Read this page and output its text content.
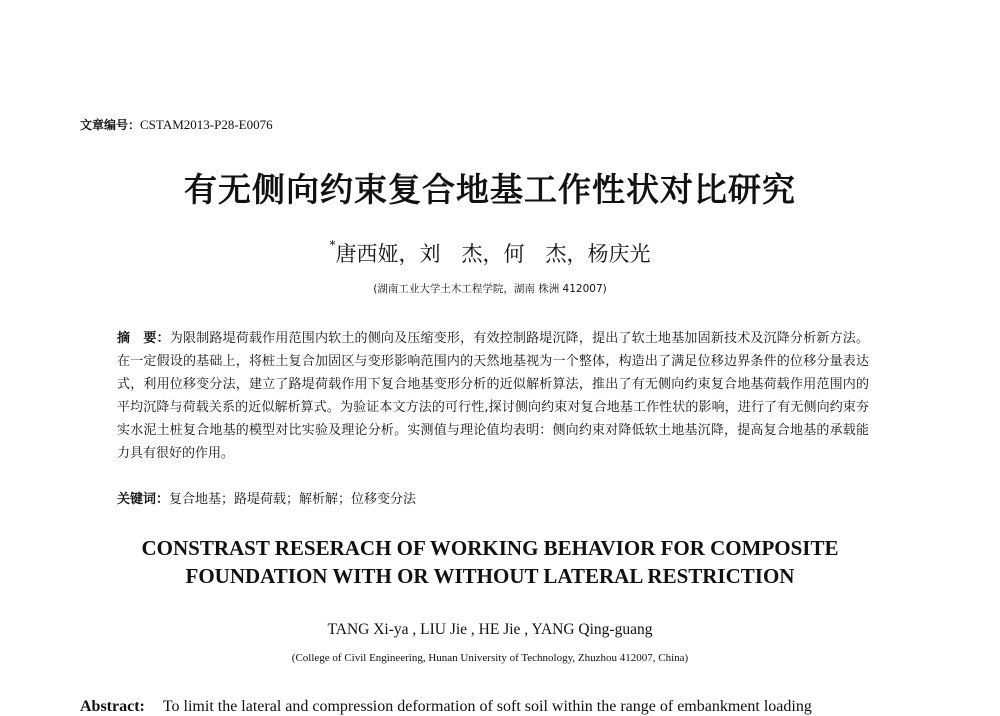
文章编号：CSTAM2013-P28-E0076
有无侧向约束复合地基工作性状对比研究
*唐西娅，刘　杰，何　杰，杨庆光
(湖南工业大学土木工程学院，湖南 株洲 412007)
摘　要：为限制路堤荷载作用范围内软土的侧向及压缩变形，有效控制路堤沉降，提出了软土地基加固新技术及沉降分析新方法。在一定假设的基础上，将桩土复合加固区与变形影响范围内的天然地基视为一个整体，构造出了满足位移边界条件的位移分量表达式，利用位移变分法，建立了路堤荷载作用下复合地基变形分析的近似解析算法，推出了有无侧向约束复合地基荷载作用范围内的平均沉降与荷载关系的近似解析算式。为验证本文方法的可行性,探讨侧向约束对复合地基工作性状的影响，进行了有无侧向约束夯实水泥土桩复合地基的模型对比实验及理论分析。实测值与理论值均表明：侧向约束对降低软土地基沉降，提高复合地基的承载能力具有很好的作用。
关键词：复合地基；路堤荷载；解析解；位移变分法
CONSTRAST RESERACH OF WORKING BEHAVIOR FOR COMPOSITE
FOUNDATION WITH OR WITHOUT LATERAL RESTRICTION
TANG Xi-ya , LIU Jie , HE Jie , YANG Qing-guang
(College of Civil Engineering, Hunan University of Technology, Zhuzhou 412007, China)
Abstract: To limit the lateral and compression deformation of soft soil within the range of embankment loading
